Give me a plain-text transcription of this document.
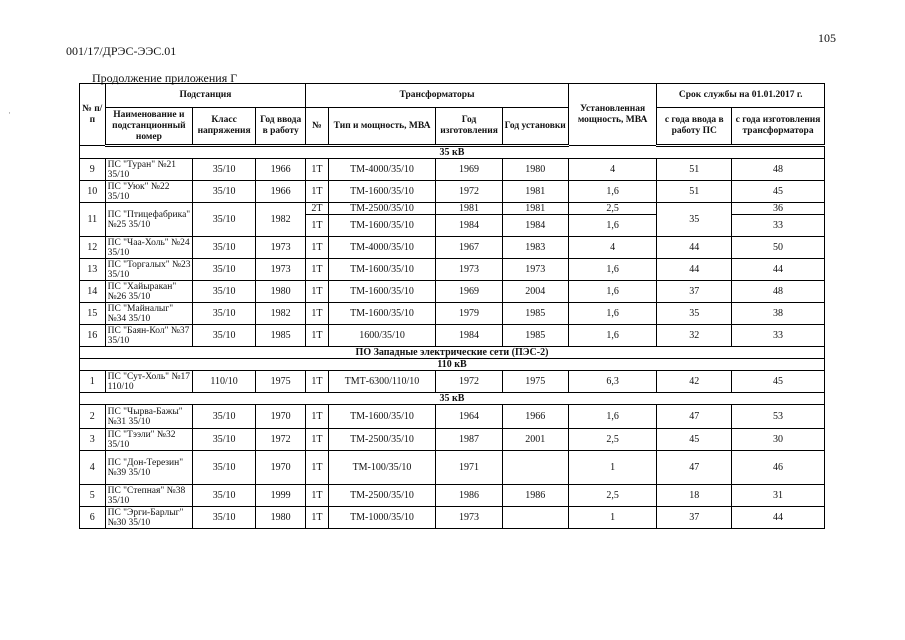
105
001/17/ДРЭС-ЭЭС.01
Продолжение приложения Г
·	№ п/п	Подстанция			Трансформаторы				Установленная мощность, МВА	Срок службы на 01.01.2017 г.	
	Наименование и подстанционный номер	Класс напряжения	Год ввода в работу	№	Тип и мощность, МВА	Год изготовления	Год установки		с года ввода в работу ПС	с года изготовления трансформатора
35 кВ										
9	ПС "Туран" №21 35/10	35/10	1966	1Т	ТМ-4000/35/10	1969	1980	4	51	48
10	ПС "Уюк" №22 35/10	35/10	1966	1Т	ТМ-1600/35/10	1972	1981	1,6	51	45
11	ПС "Птицефабрика" №25 35/10	35/10	1982	2Т	ТМ-2500/35/10	1981	1981	2,5	35	36
				1Т	ТМ-1600/35/10	1984	1984	1,6		33
12	ПС "Чаа-Холь" №24 35/10	35/10	1973	1Т	ТМ-4000/35/10	1967	1983	4	44	50
13	ПС "Торгалых" №23 35/10	35/10	1973	1Т	ТМ-1600/35/10	1973	1973	1,6	44	44
14	ПС "Хайыракан" №26 35/10	35/10	1980	1Т	ТМ-1600/35/10	1969	2004	1,6	37	48
15	ПС "Майналыг" №34 35/10	35/10	1982	1Т	ТМ-1600/35/10	1979	1985	1,6	35	38
16	ПС "Баян-Кол" №37 35/10	35/10	1985	1Т	1600/35/10	1984	1985	1,6	32	33
ПО Западные электрические сети (ПЭС-2)										
110 кВ										
1	ПС "Сут-Холь" №17 110/10	110/10	1975	1Т	ТМТ-6300/110/10	1972	1975	6,3	42	45
35 кВ										
2	ПС "Чырва-Бажы" №31 35/10	35/10	1970	1Т	ТМ-1600/35/10	1964	1966	1,6	47	53
3	ПС "Тээли" №32 35/10	35/10	1972	1Т	ТМ-2500/35/10	1987	2001	2,5	45	30
4	ПС "Дон-Терезин" №39 35/10	35/10	1970	1Т	ТМ-100/35/10	1971		1	47	46
5	ПС "Степная" №38 35/10	35/10	1999	1Т	ТМ-2500/35/10	1986	1986	2,5	18	31
6	ПС "Эрги-Барлыг" №30 35/10	35/10	1980	1Т	ТМ-1000/35/10	1973		1	37	44
